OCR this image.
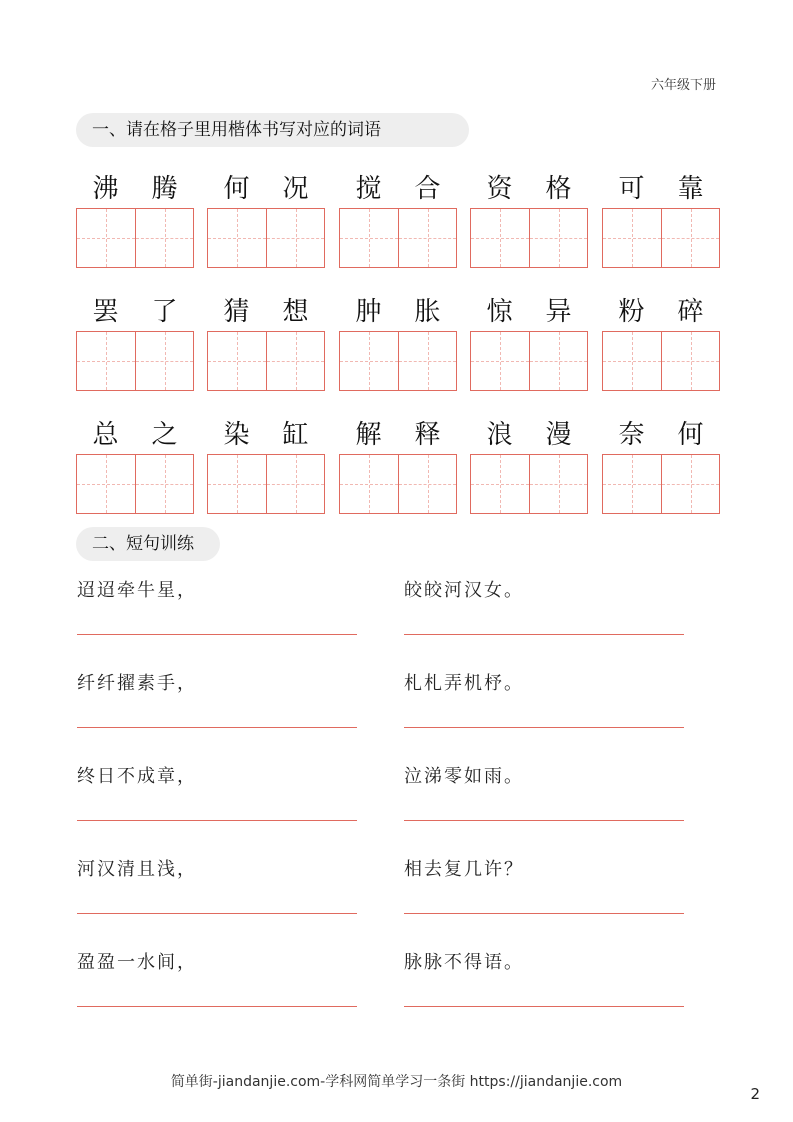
六年级下册
一、请在格子里用楷体书写对应的词语
沸	腾	何	况	搅	合	资	格	可	靠
罢	了	猜	想	肿	胀	惊	异	粉	碎
总	之	染	缸	解	释	浪	漫	奈	何
二、短句训练
迢迢牵牛星，	皎皎河汉女。
纤纤擢素手，	札札弄机杼。
终日不成章，	泣涕零如雨。
河汉清且浅，	相去复几许？
盈盈一水间，	脉脉不得语。
简单街-jiandanjie.com-学科网简单学习一条街 https://jiandanjie.com
2
